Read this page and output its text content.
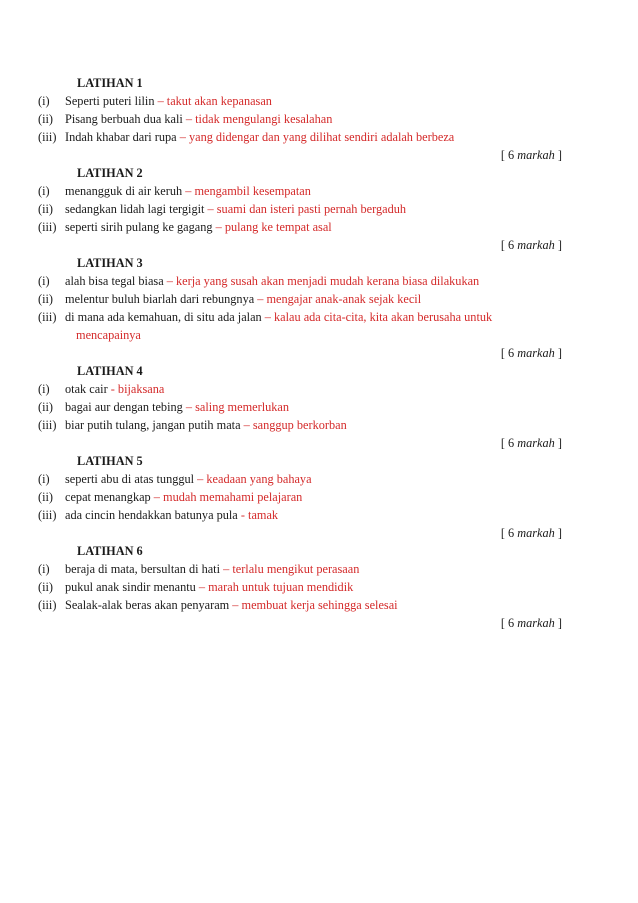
LATIHAN 1
(i)	Seperti puteri lilin – takut akan kepanasan
(ii) Pisang berbuah dua kali – tidak mengulangi kesalahan
(iii) Indah khabar dari rupa – yang didengar dan yang dilihat sendiri adalah berbeza
[ 6 markah ]
LATIHAN 2
(i)	menangguk di air keruh – mengambil kesempatan
(ii) sedangkan lidah lagi tergigit – suami dan isteri pasti pernah bergaduh
(iii) seperti sirih pulang ke gagang – pulang ke tempat asal
[ 6 markah ]
LATIHAN 3
(i)	alah bisa tegal biasa – kerja yang susah akan menjadi mudah kerana biasa dilakukan
(ii) melentur buluh biarlah dari rebungnya – mengajar anak-anak sejak kecil
(iii) di mana ada kemahuan, di situ ada jalan – kalau ada cita-cita, kita akan berusaha untuk
mencapainya
[ 6 markah ]
LATIHAN 4
(i)	otak cair - bijaksana
(ii) bagai aur dengan tebing – saling memerlukan
(iii) biar putih tulang, jangan putih mata – sanggup berkorban
[ 6 markah ]
LATIHAN 5
(i)	seperti abu di atas tunggul – keadaan yang bahaya
(ii) cepat menangkap – mudah memahami pelajaran
(iii) ada cincin hendakkan batunya pula - tamak
[ 6 markah ]
LATIHAN 6
(i)	beraja di mata, bersultan di hati – terlalu mengikut perasaan
(ii) pukul anak sindir menantu – marah untuk tujuan mendidik
(iii) Sealak-alak beras akan penyaram – membuat kerja sehingga selesai
[ 6 markah ]
